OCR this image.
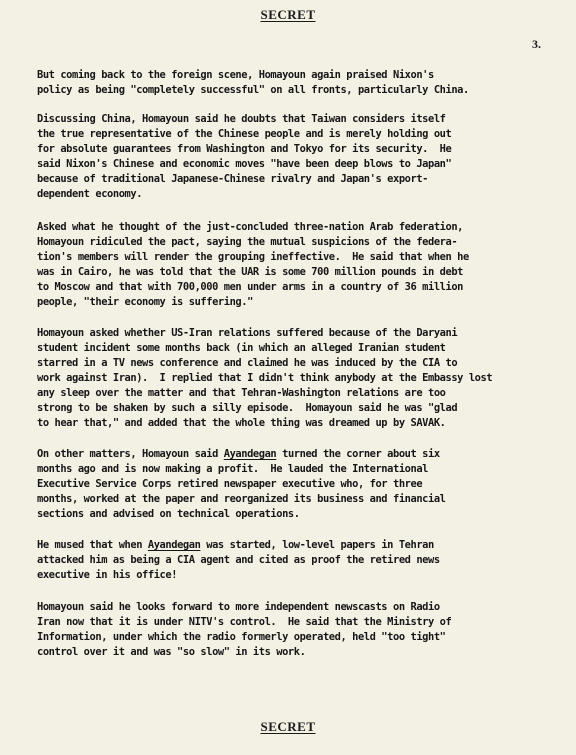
SECRET
3.
But coming back to the foreign scene, Homayoun again praised Nixon's
policy as being "completely successful" on all fronts, particularly China.
Discussing China, Homayoun said he doubts that Taiwan considers itself
the true representative of the Chinese people and is merely holding out
for absolute guarantees from Washington and Tokyo for its security.  He
said Nixon's Chinese and economic moves "have been deep blows to Japan"
because of traditional Japanese-Chinese rivalry and Japan's export-
dependent economy.
Asked what he thought of the just-concluded three-nation Arab federation,
Homayoun ridiculed the pact, saying the mutual suspicions of the federa-
tion's members will render the grouping ineffective.  He said that when he
was in Cairo, he was told that the UAR is some 700 million pounds in debt
to Moscow and that with 700,000 men under arms in a country of 36 million
people, "their economy is suffering."
Homayoun asked whether US-Iran relations suffered because of the Daryani
student incident some months back (in which an alleged Iranian student
starred in a TV news conference and claimed he was induced by the CIA to
work against Iran).  I replied that I didn't think anybody at the Embassy lost
any sleep over the matter and that Tehran-Washington relations are too
strong to be shaken by such a silly episode.  Homayoun said he was "glad
to hear that," and added that the whole thing was dreamed up by SAVAK.
On other matters, Homayoun said Ayandegan turned the corner about six
months ago and is now making a profit.  He lauded the International
Executive Service Corps retired newspaper executive who, for three
months, worked at the paper and reorganized its business and financial
sections and advised on technical operations.
He mused that when Ayandegan was started, low-level papers in Tehran
attacked him as being a CIA agent and cited as proof the retired news
executive in his office!
Homayoun said he looks forward to more independent newscasts on Radio
Iran now that it is under NITV's control.  He said that the Ministry of
Information, under which the radio formerly operated, held "too tight"
control over it and was "so slow" in its work.
SECRET
